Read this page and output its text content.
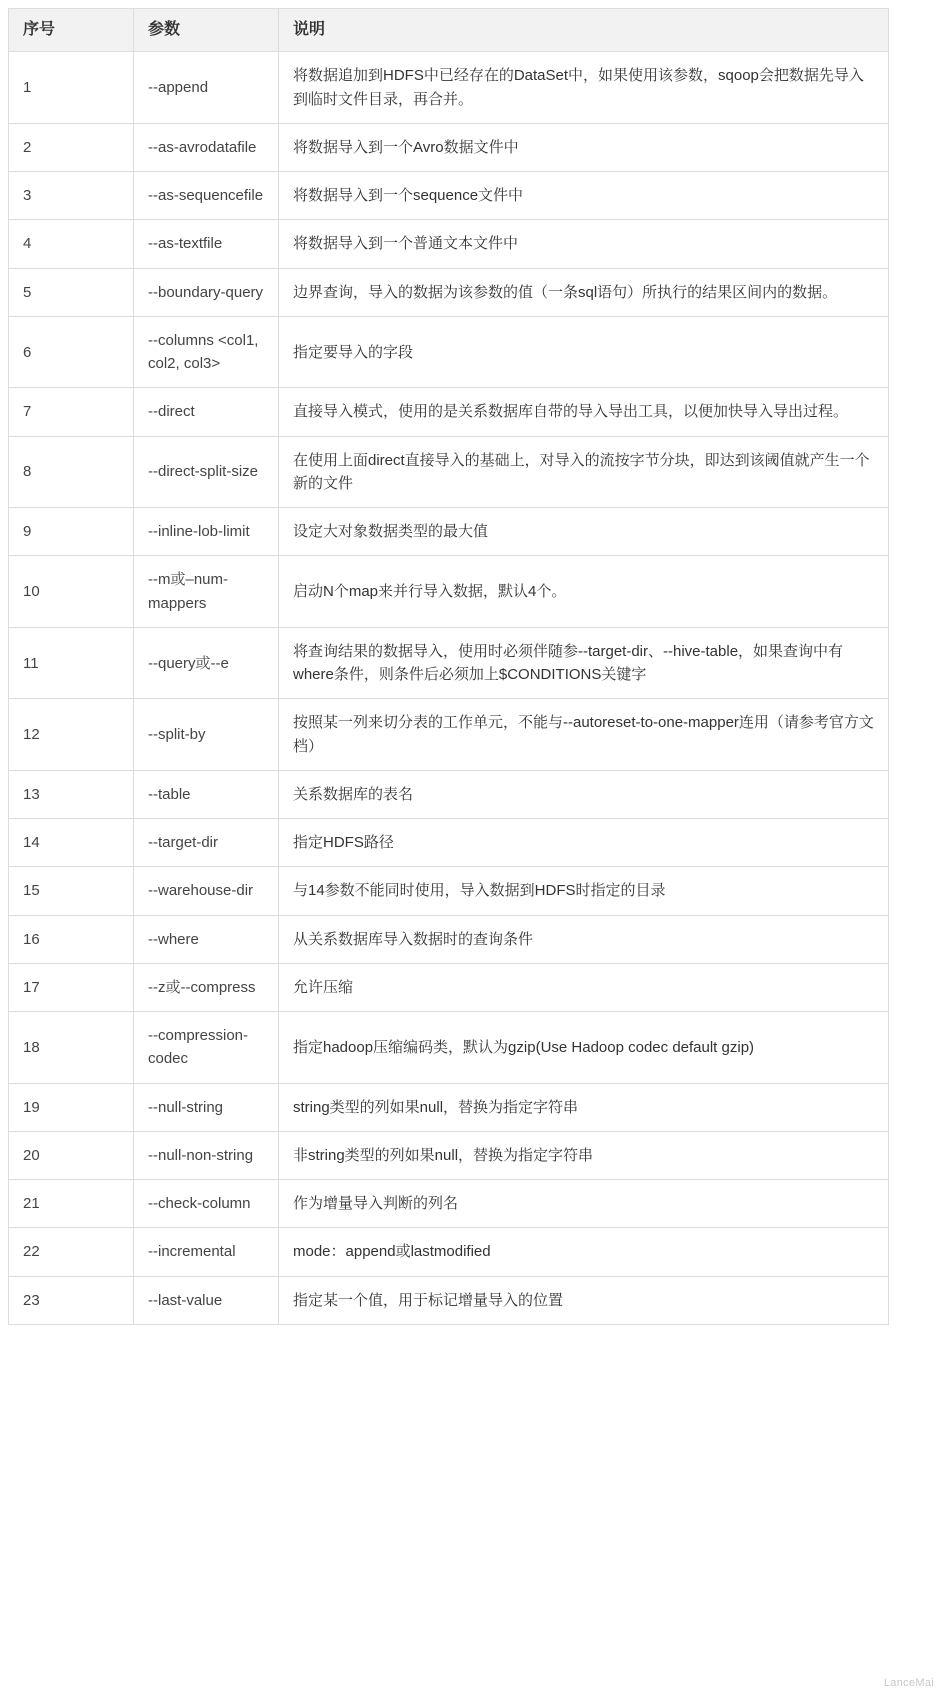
序号	参数	说明
1	--append	将数据追加到HDFS中已经存在的DataSet中，如果使用该参数，sqoop会把数据先导入到临时文件目录，再合并。
2	--as-avrodatafile	将数据导入到一个Avro数据文件中
3	--as-sequencefile	将数据导入到一个sequence文件中
4	--as-textfile	将数据导入到一个普通文本文件中
5	--boundary-query	边界查询，导入的数据为该参数的值（一条sql语句）所执行的结果区间内的数据。
6	--columns <col1, col2, col3>	指定要导入的字段
7	--direct	直接导入模式，使用的是关系数据库自带的导入导出工具，以便加快导入导出过程。
8	--direct-split-size	在使用上面direct直接导入的基础上，对导入的流按字节分块，即达到该阈值就产生一个新的文件
9	--inline-lob-limit	设定大对象数据类型的最大值
10	--m或–num-mappers	启动N个map来并行导入数据，默认4个。
11	--query或--e	将查询结果的数据导入，使用时必须伴随参--target-dir、--hive-table，如果查询中有where条件，则条件后必须加上$CONDITIONS关键字
12	--split-by	按照某一列来切分表的工作单元，不能与--autoreset-to-one-mapper连用（请参考官方文档）
13	--table	关系数据库的表名
14	--target-dir	指定HDFS路径
15	--warehouse-dir	与14参数不能同时使用，导入数据到HDFS时指定的目录
16	--where	从关系数据库导入数据时的查询条件
17	--z或--compress	允许压缩
18	--compression-codec	指定hadoop压缩编码类，默认为gzip(Use Hadoop codec default gzip)
19	--null-string	string类型的列如果null，替换为指定字符串
20	--null-non-string	非string类型的列如果null，替换为指定字符串
21	--check-column	作为增量导入判断的列名
22	--incremental	mode：append或lastmodified
23	--last-value	指定某一个值，用于标记增量导入的位置
LanceMai
